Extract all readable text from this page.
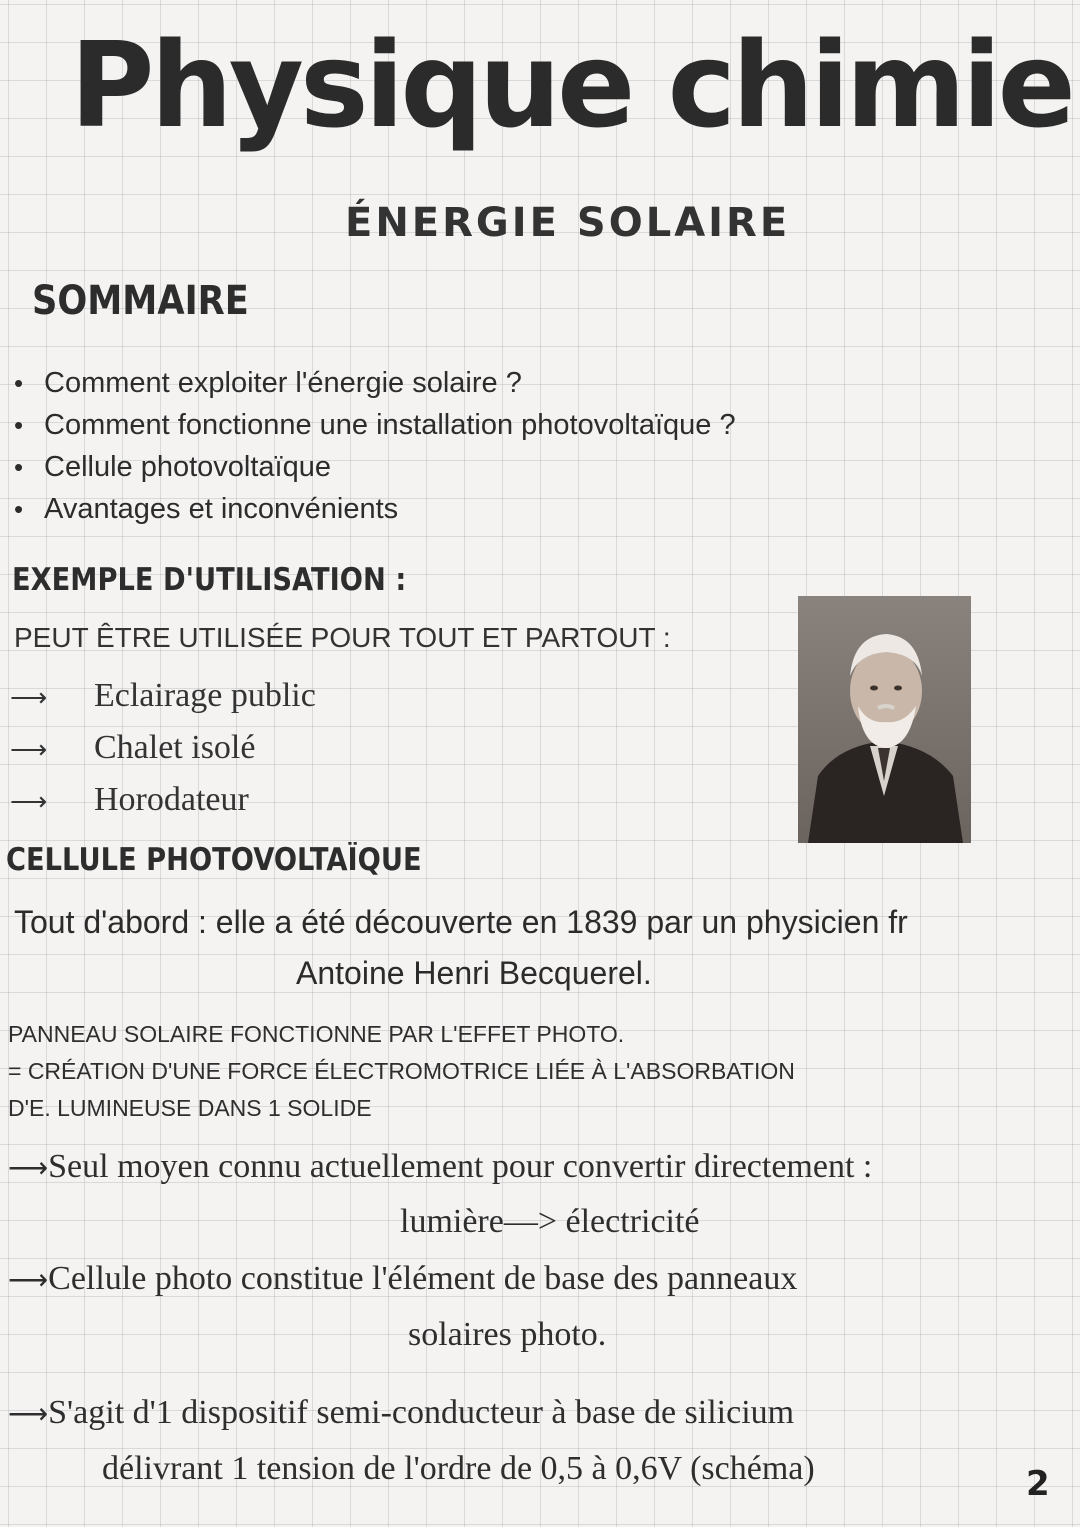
Physique chimie
ÉNERGIE SOLAIRE
SOMMAIRE
• Comment exploiter l'énergie solaire ?
• Comment fonctionne une installation photovoltaïque ?
• Cellule photovoltaïque
• Avantages et inconvénients
EXEMPLE D'UTILISATION :
PEUT ÊTRE UTILISÉE POUR TOUT ET PARTOUT :
⟶ Eclairage public
⟶ Chalet isolé
⟶ Horodateur
CELLULE PHOTOVOLTAÏQUE
Tout d'abord : elle a été découverte en 1839 par un physicien fr
Antoine Henri Becquerel.
PANNEAU SOLAIRE FONCTIONNE PAR L'EFFET PHOTO.
= CRÉATION D'UNE FORCE ÉLECTROMOTRICE LIÉE À L'ABSORBATION
D'E. LUMINEUSE DANS 1 SOLIDE
⟶Seul moyen connu actuellement pour convertir directement :
lumière—> électricité
⟶Cellule photo constitue l'élément de base des panneaux
solaires photo.
⟶S'agit d'1 dispositif semi-conducteur à base de silicium
délivrant 1 tension de l'ordre de 0,5 à 0,6V (schéma)	2
